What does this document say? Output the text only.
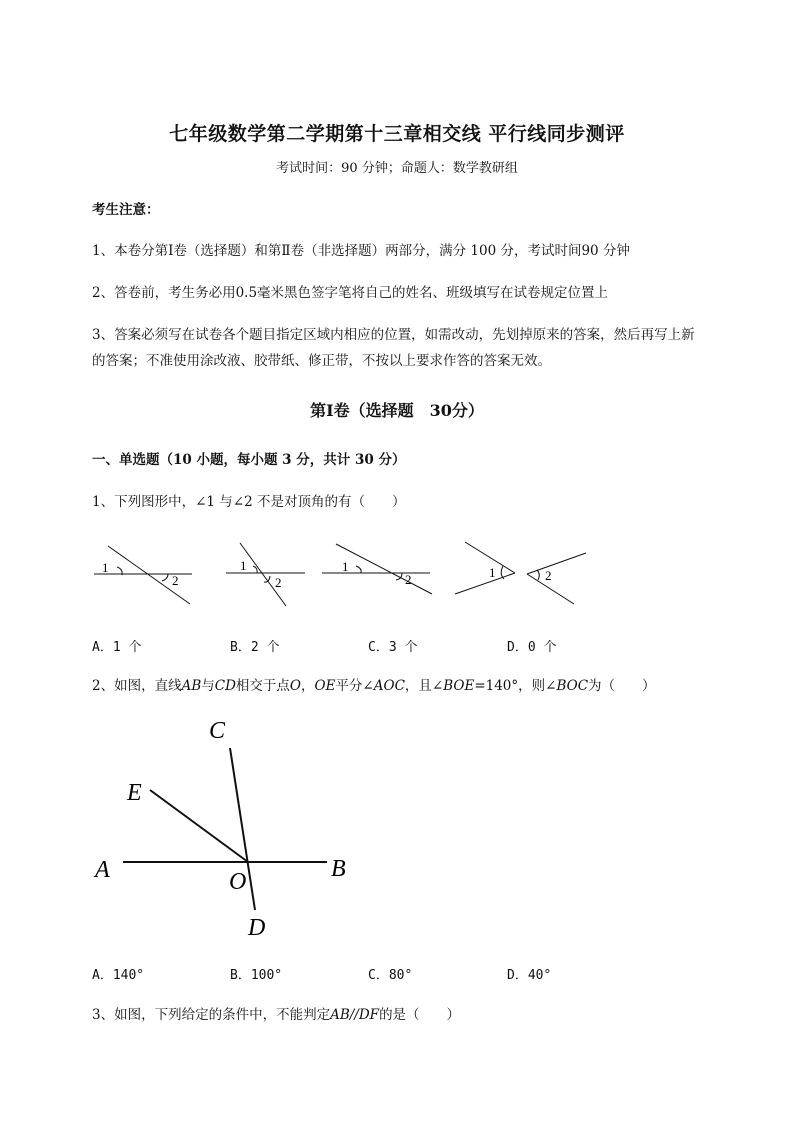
七年级数学第二学期第十三章相交线 平行线同步测评
考试时间：90 分钟；命题人：数学教研组
考生注意：
1、本卷分第Ⅰ卷（选择题）和第Ⅱ卷（非选择题）两部分，满分 100 分，考试时间90 分钟
2、答卷前，考生务必用0.5毫米黑色签字笔将自己的姓名、班级填写在试卷规定位置上
3、答案必须写在试卷各个题目指定区域内相应的位置，如需改动，先划掉原来的答案，然后再写上新
的答案；不准使用涂改液、胶带纸、修正带，不按以上要求作答的答案无效。
第Ⅰ卷（选择题　30分）
一、单选题（10 小题，每小题 3 分，共计 30 分）
1、下列图形中，∠1 与∠2 不是对顶角的有（　　）
1
2
1
2
1
2	1	2
A．1 个	B．2 个	C．3 个	D．0 个
2、如图，直线AB与CD相交于点O，OE平分∠AOC，且∠BOE=140°，则∠BOC为（　　）
C
E
A	O	B
D
A．140°	B．100°	C．80°	D．40°
3、如图，下列给定的条件中，不能判定AB//DF的是（　　）
